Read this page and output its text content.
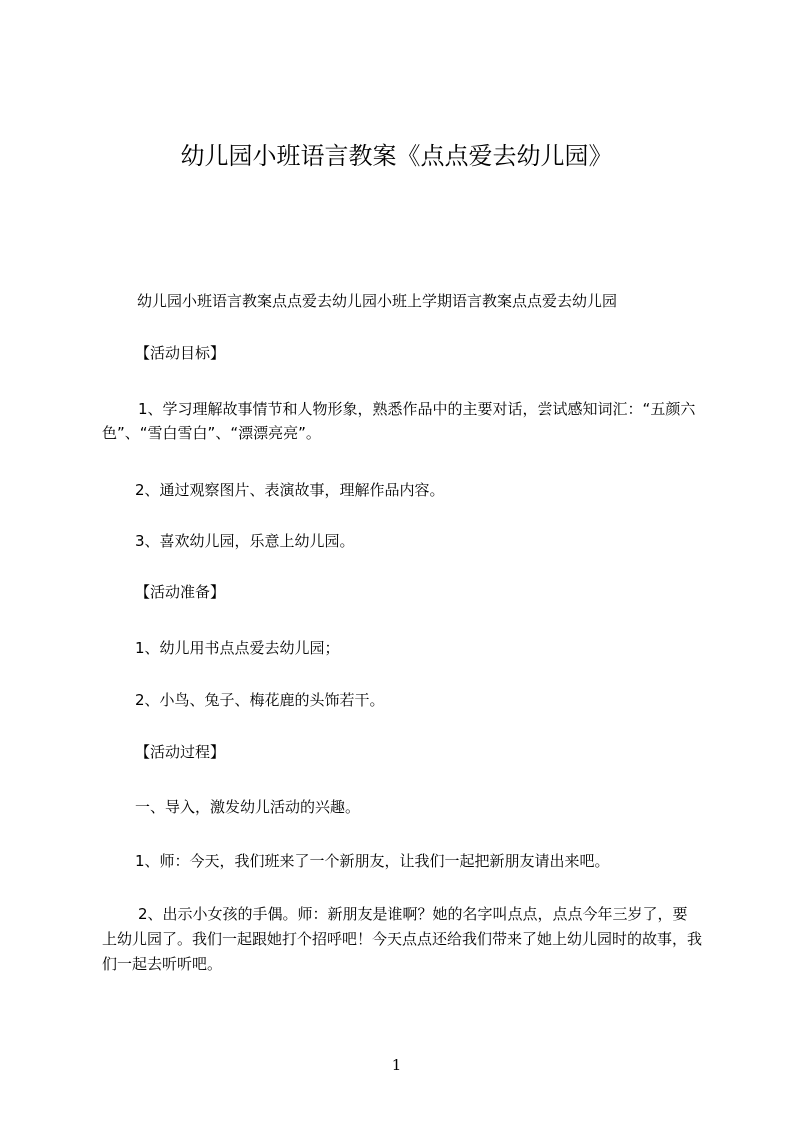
幼儿园小班语言教案《点点爱去幼儿园》
幼儿园小班语言教案点点爱去幼儿园小班上学期语言教案点点爱去幼儿园
【活动目标】
1、学习理解故事情节和人物形象，熟悉作品中的主要对话，尝试感知词汇：“五颜六色”、“雪白雪白”、“漂漂亮亮”。
2、通过观察图片、表演故事，理解作品内容。
3、喜欢幼儿园，乐意上幼儿园。
【活动准备】
1、幼儿用书点点爱去幼儿园；
2、小鸟、兔子、梅花鹿的头饰若干。
【活动过程】
一、导入，激发幼儿活动的兴趣。
1、师：今天，我们班来了一个新朋友，让我们一起把新朋友请出来吧。
2、出示小女孩的手偶。师：新朋友是谁啊？她的名字叫点点，点点今年三岁了，要上幼儿园了。我们一起跟她打个招呼吧！今天点点还给我们带来了她上幼儿园时的故事，我们一起去听听吧。
1
